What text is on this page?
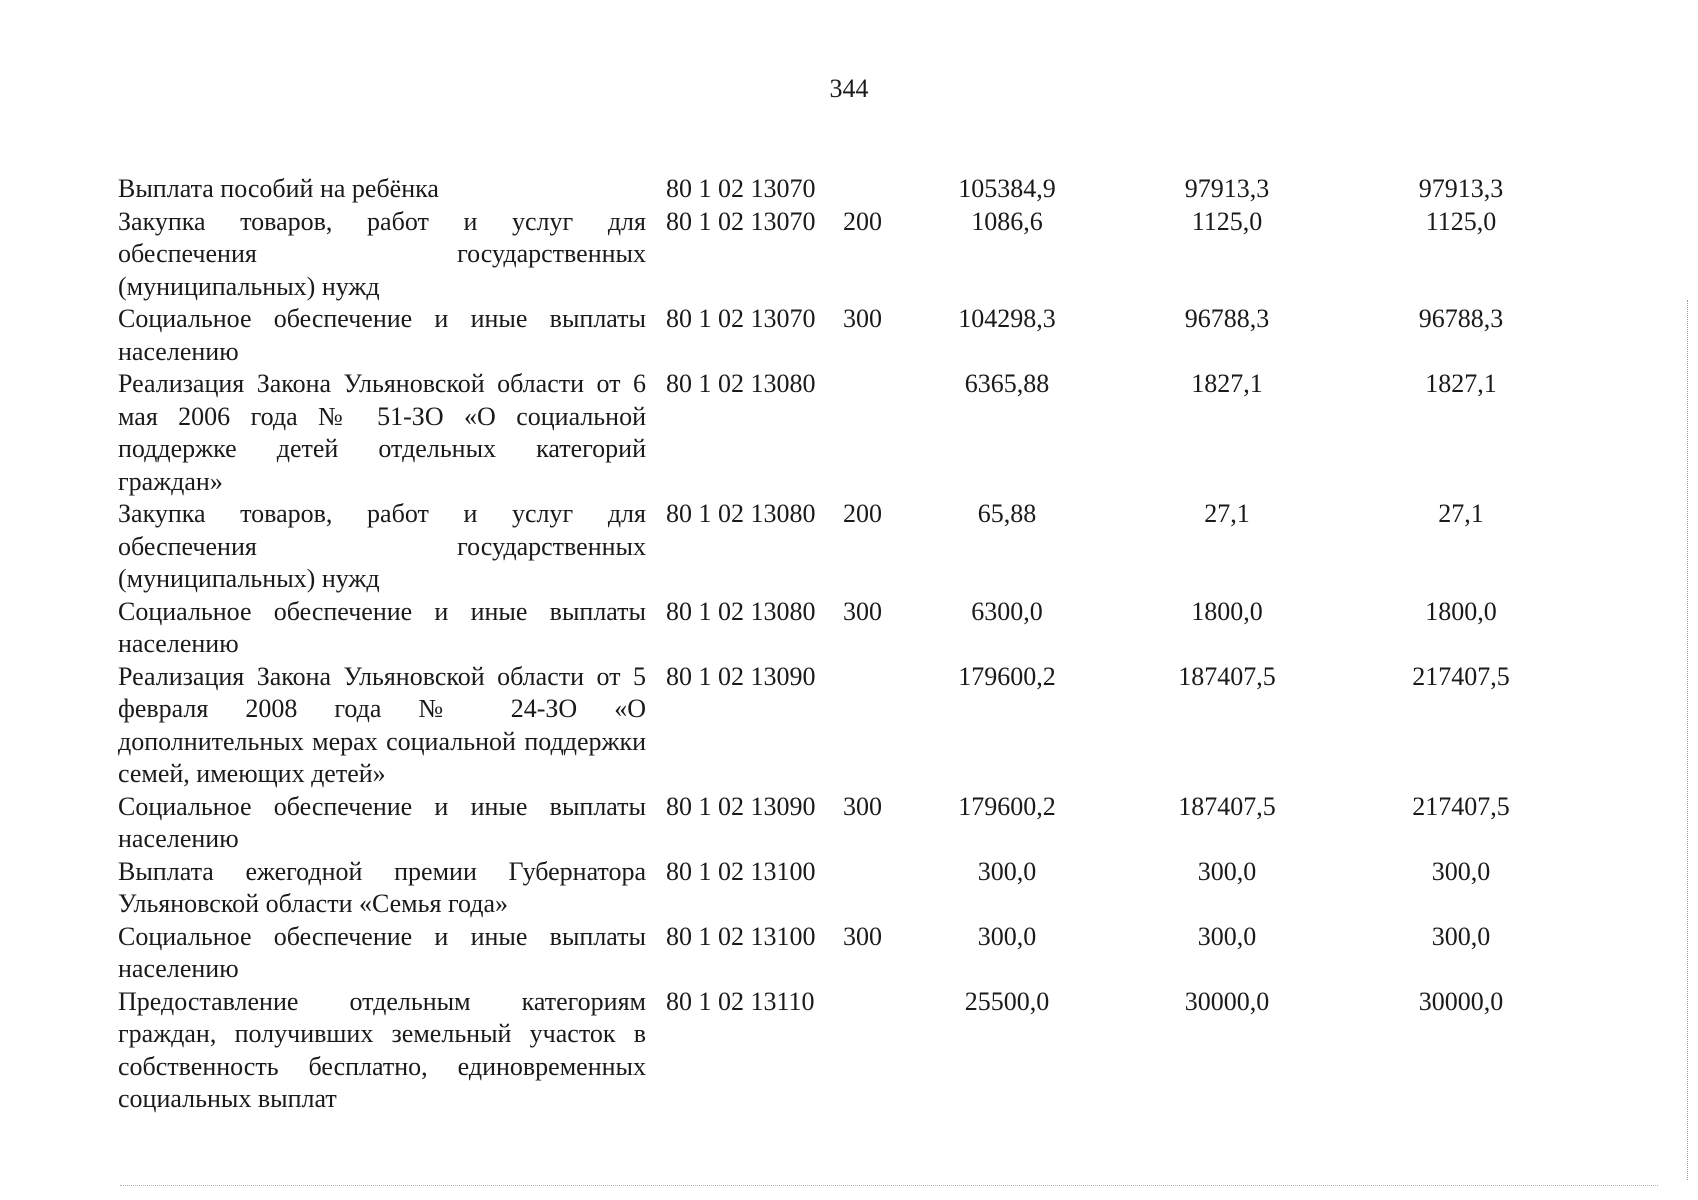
344
Выплата пособий на ребёнка	80 1 02 13070		105384,9	97913,3	97913,3
Закупка товаров, работ и услуг для обеспечения государственных (муниципальных) нужд	80 1 02 13070	200	1086,6	1125,0	1125,0
Социальное обеспечение и иные выплаты населению	80 1 02 13070	300	104298,3	96788,3	96788,3
Реализация Закона Ульяновской области от 6 мая 2006 года № 51-ЗО «О социальной поддержке детей отдельных категорий граждан»	80 1 02 13080		6365,88	1827,1	1827,1
Закупка товаров, работ и услуг для обеспечения государственных (муниципальных) нужд	80 1 02 13080	200	65,88	27,1	27,1
Социальное обеспечение и иные выплаты населению	80 1 02 13080	300	6300,0	1800,0	1800,0
Реализация Закона Ульяновской области от 5 февраля 2008 года № 24-ЗО «О дополнительных мерах социальной поддержки семей, имеющих детей»	80 1 02 13090		179600,2	187407,5	217407,5
Социальное обеспечение и иные выплаты населению	80 1 02 13090	300	179600,2	187407,5	217407,5
Выплата ежегодной премии Губернатора Ульяновской области «Семья года»	80 1 02 13100		300,0	300,0	300,0
Социальное обеспечение и иные выплаты населению	80 1 02 13100	300	300,0	300,0	300,0
Предоставление отдельным категориям граждан, получивших земельный участок в собственность бесплатно, единовременных социальных выплат	80 1 02 13110		25500,0	30000,0	30000,0
